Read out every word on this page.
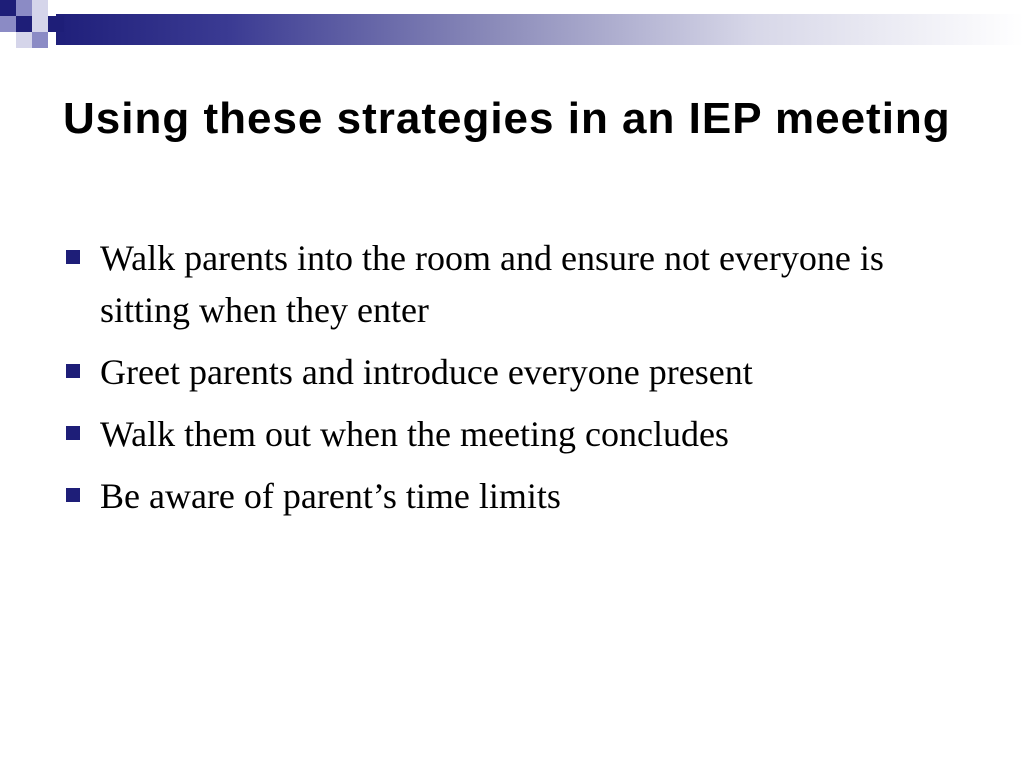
Using these strategies in an IEP meeting
Walk parents into the room and ensure not everyone is sitting when they enter
Greet parents and introduce everyone present
Walk them out when the meeting concludes
Be aware of parent’s time limits
